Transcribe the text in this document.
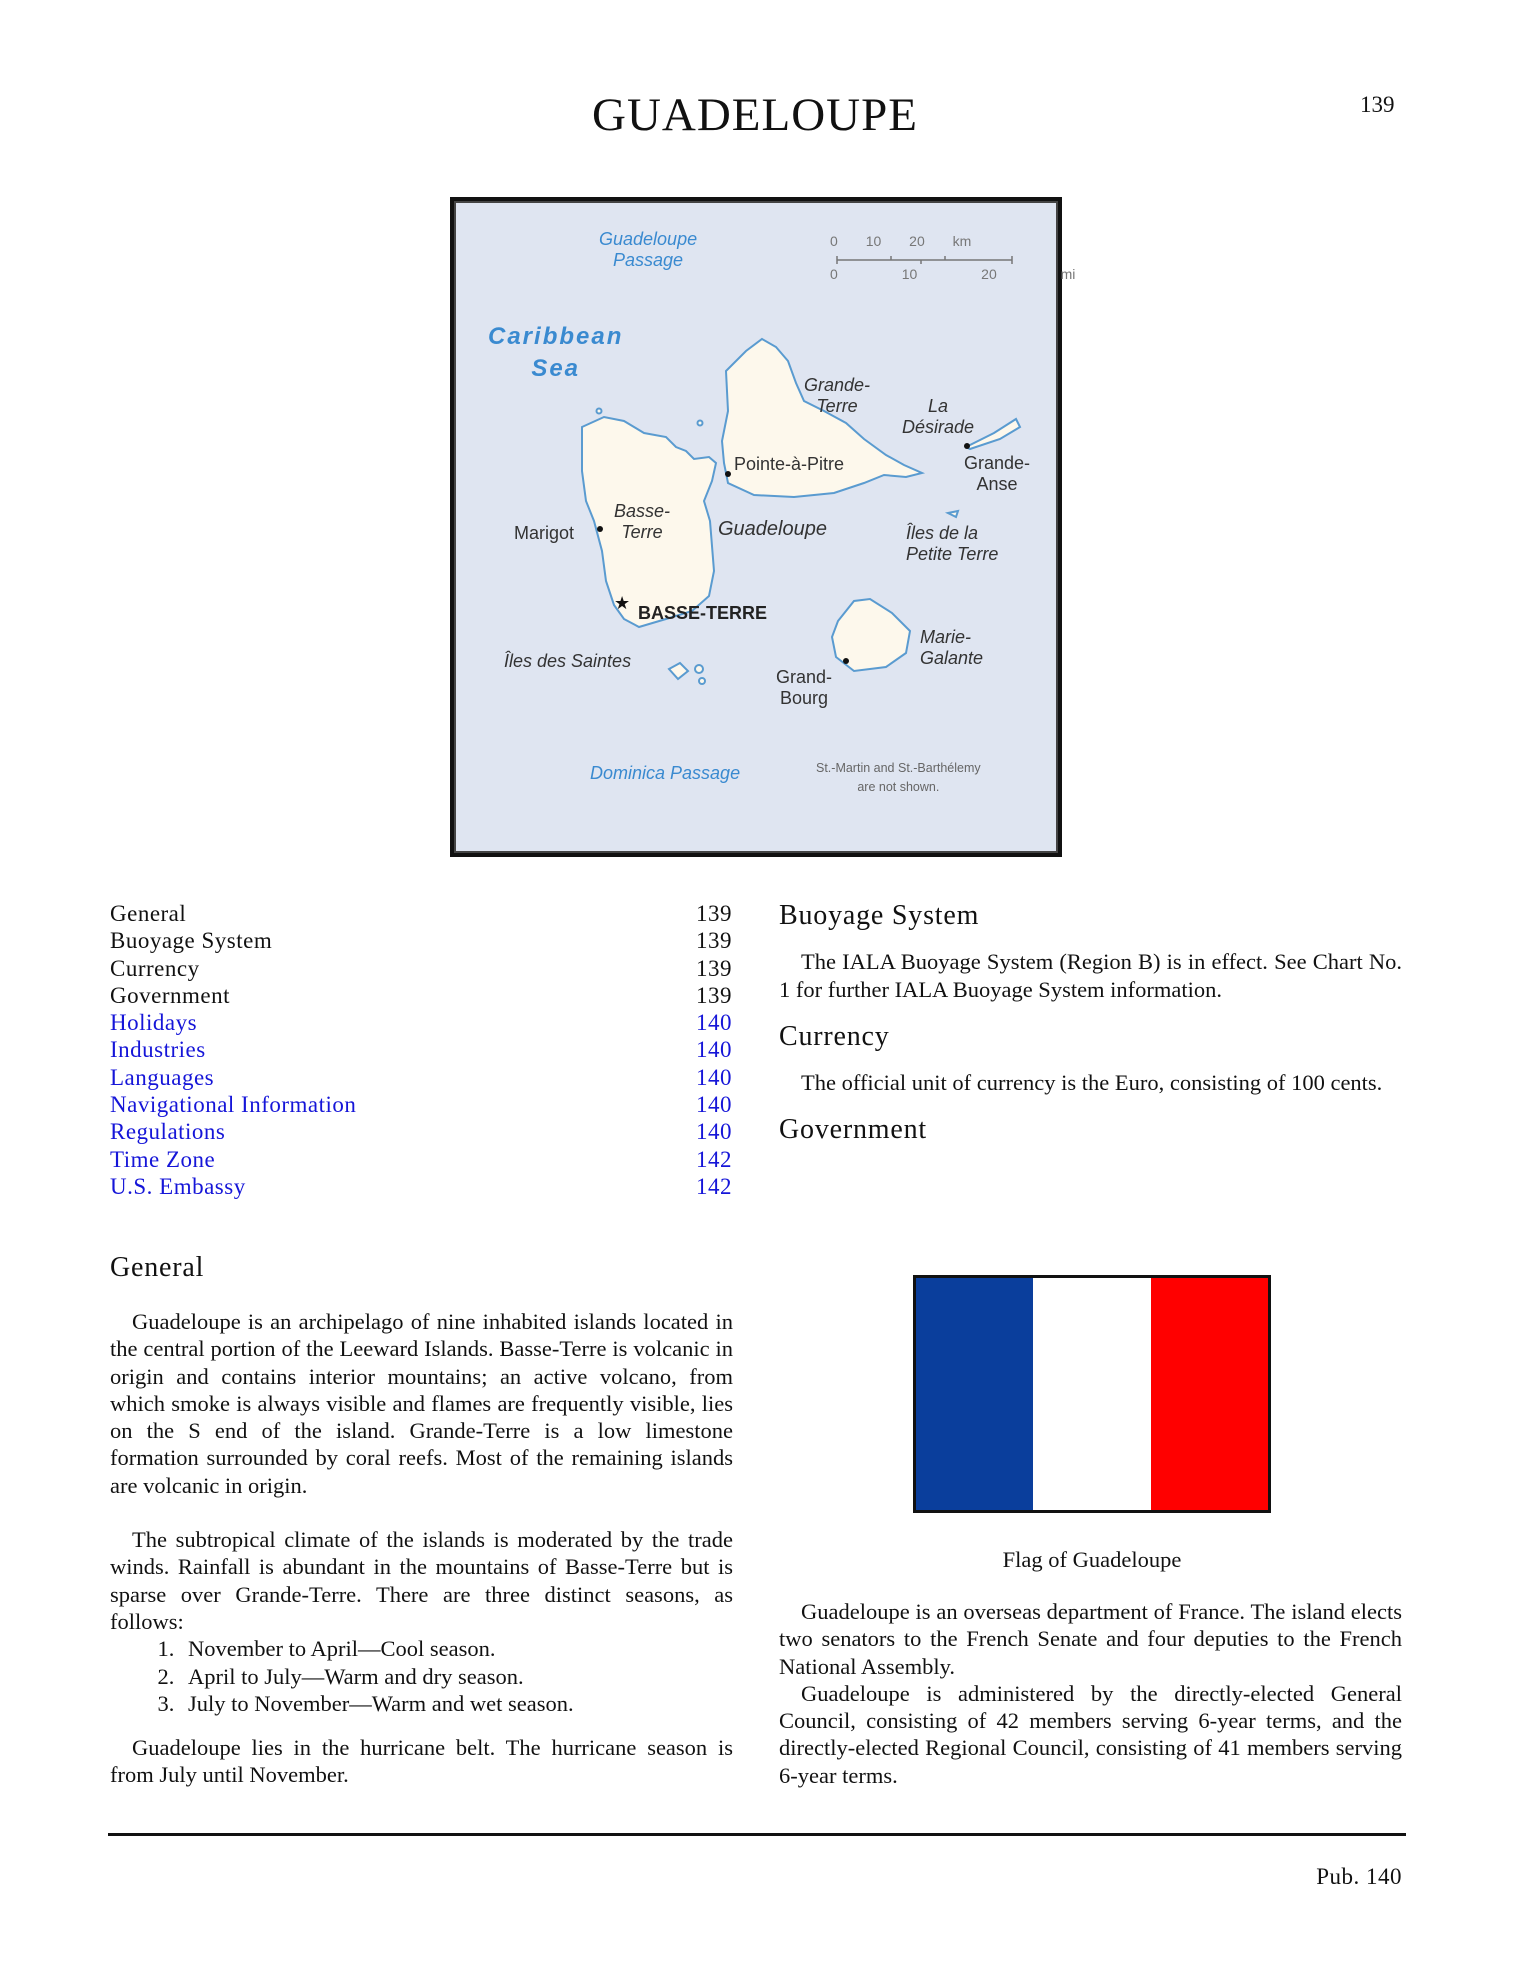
GUADELOUPE	139
★
Guadeloupe
Passage
0 10 20 km
0	10	20 mi
Caribbean
Sea
Grande-
Terre	La
Désirade
Grande-
Anse
Pointe-à-Pitre
Basse-
Terre
Marigot	Guadeloupe	Îles de la
Petite Terre
BASSE-TERRE
Marie-
Galante
Îles des Saintes
Grand-
Bourg
Dominica Passage	St.-Martin and St.-Barthélemy
are not shown.
General	139
Buoyage System	139
Currency	139
Government	139
Holidays	140
Industries	140
Languages	140
Navigational Information	140
Regulations	140
Time Zone	142
U.S. Embassy	142
General

Guadeloupe is an archipelago of nine inhabited islands located in the central portion of the Leeward Islands. Basse-Terre is volcanic in origin and contains interior mountains; an active volcano, from which smoke is always visible and flames are frequently visible, lies on the S end of the island. Grande-Terre is a low limestone formation surrounded by coral reefs. Most of the remaining islands are volcanic in origin.

The subtropical climate of the islands is moderated by the trade winds. Rainfall is abundant in the mountains of Basse-Terre but is sparse over Grande-Terre. There are three distinct seasons, as follows:

1. November to April—Cool season.
2. April to July—Warm and dry season.
3. July to November—Warm and wet season.

Guadeloupe lies in the hurricane belt. The hurricane season is from July until November.

Buoyage System

The IALA Buoyage System (Region B) is in effect. See Chart No. 1 for further IALA Buoyage System information.

Currency

The official unit of currency is the Euro, consisting of 100 cents.

Government
Flag of Guadeloupe

Guadeloupe is an overseas department of France. The island elects two senators to the French Senate and four deputies to the French National Assembly.

Guadeloupe is administered by the directly-elected General Council, consisting of 42 members serving 6-year terms, and the directly-elected Regional Council, consisting of 41 members serving 6-year terms.

Pub. 140
